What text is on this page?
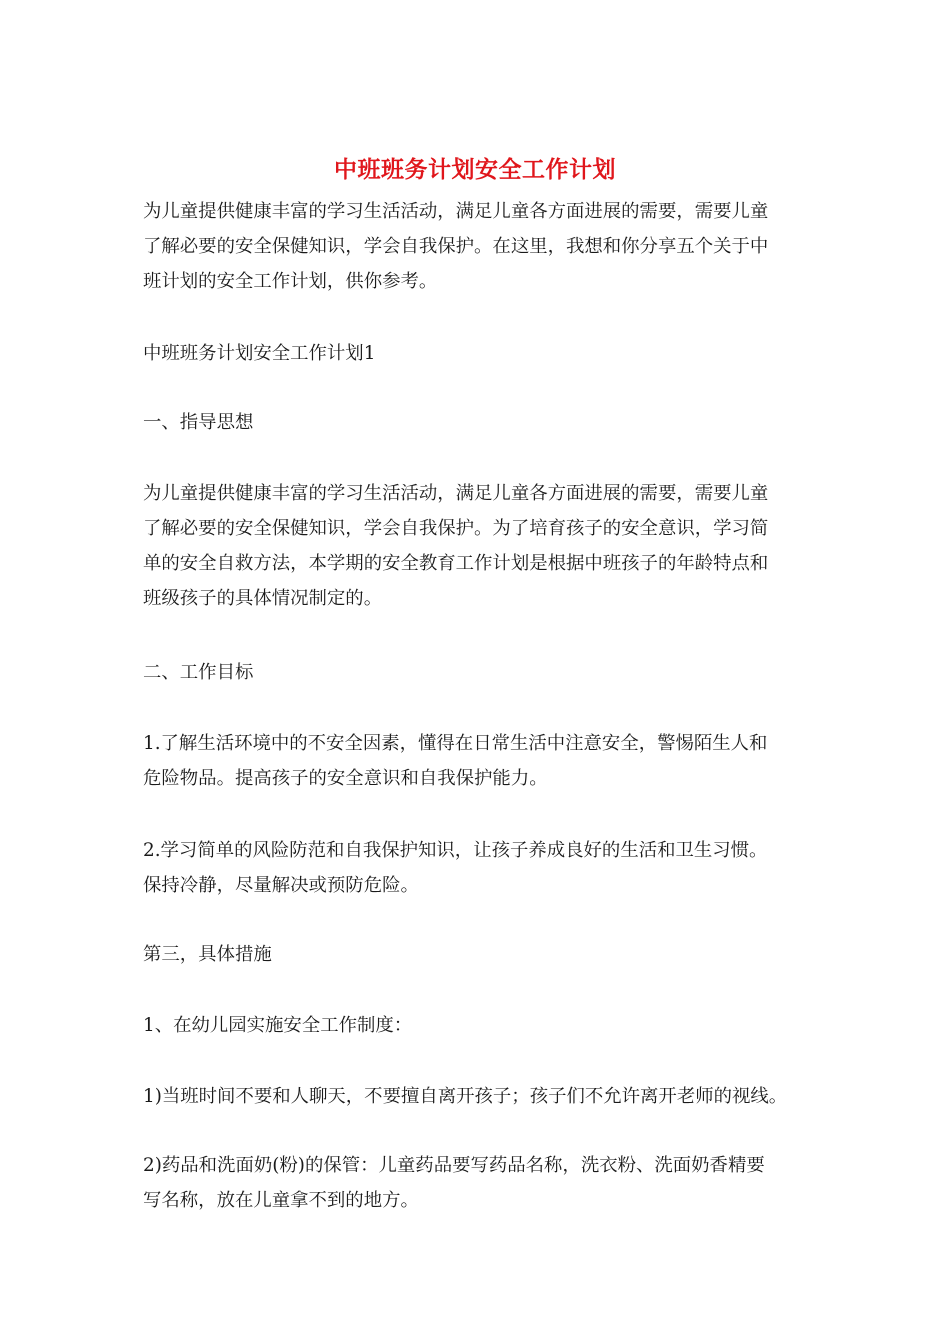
中班班务计划安全工作计划

为儿童提供健康丰富的学习生活活动，满足儿童各方面进展的需要，需要儿童
了解必要的安全保健知识，学会自我保护。在这里，我想和你分享五个关于中
班计划的安全工作计划，供你参考。

中班班务计划安全工作计划1

一、指导思想

为儿童提供健康丰富的学习生活活动，满足儿童各方面进展的需要，需要儿童
了解必要的安全保健知识，学会自我保护。为了培育孩子的安全意识，学习简
单的安全自救方法，本学期的安全教育工作计划是根据中班孩子的年龄特点和
班级孩子的具体情况制定的。

二、工作目标

1.了解生活环境中的不安全因素，懂得在日常生活中注意安全，警惕陌生人和
危险物品。提高孩子的安全意识和自我保护能力。

2.学习简单的风险防范和自我保护知识，让孩子养成良好的生活和卫生习惯。
保持冷静，尽量解决或预防危险。

第三，具体措施

1、在幼儿园实施安全工作制度：

1)当班时间不要和人聊天，不要擅自离开孩子；孩子们不允许离开老师的视线。

2)药品和洗面奶(粉)的保管：儿童药品要写药品名称，洗衣粉、洗面奶香精要
写名称，放在儿童拿不到的地方。
